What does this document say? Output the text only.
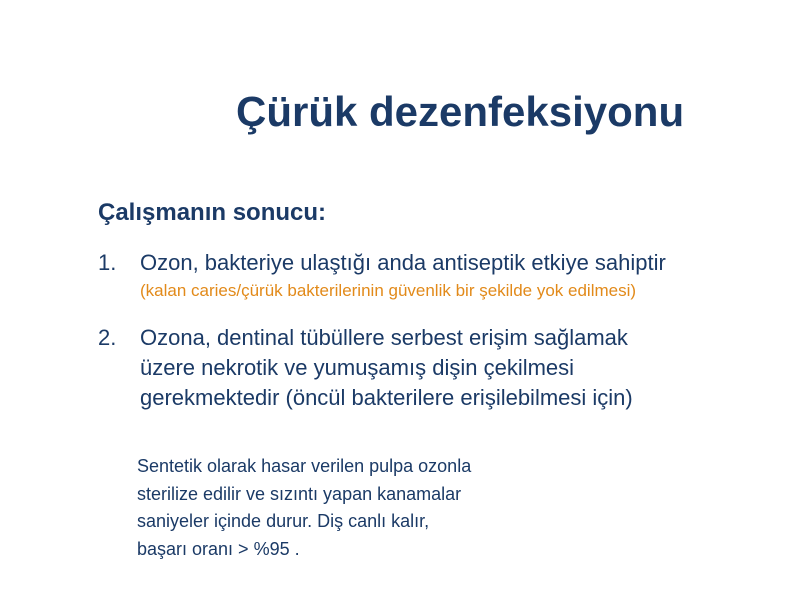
Çürük dezenfeksiyonu
Çalışmanın sonucu:
1. Ozon, bakteriye ulaştığı anda antiseptik etkiye sahiptir
(kalan caries/çürük bakterilerinin güvenlik bir şekilde yok edilmesi)
2. Ozona, dentinal tübüllere serbest erişim sağlamak
üzere nekrotik ve yumuşamış dişin çekilmesi
gerekmektedir (öncül bakterilere erişilebilmesi için)
Sentetik olarak hasar verilen pulpa ozonla
sterilize edilir ve sızıntı yapan kanamalar
saniyeler içinde durur. Diş canlı kalır,
başarı oranı > %95 .
